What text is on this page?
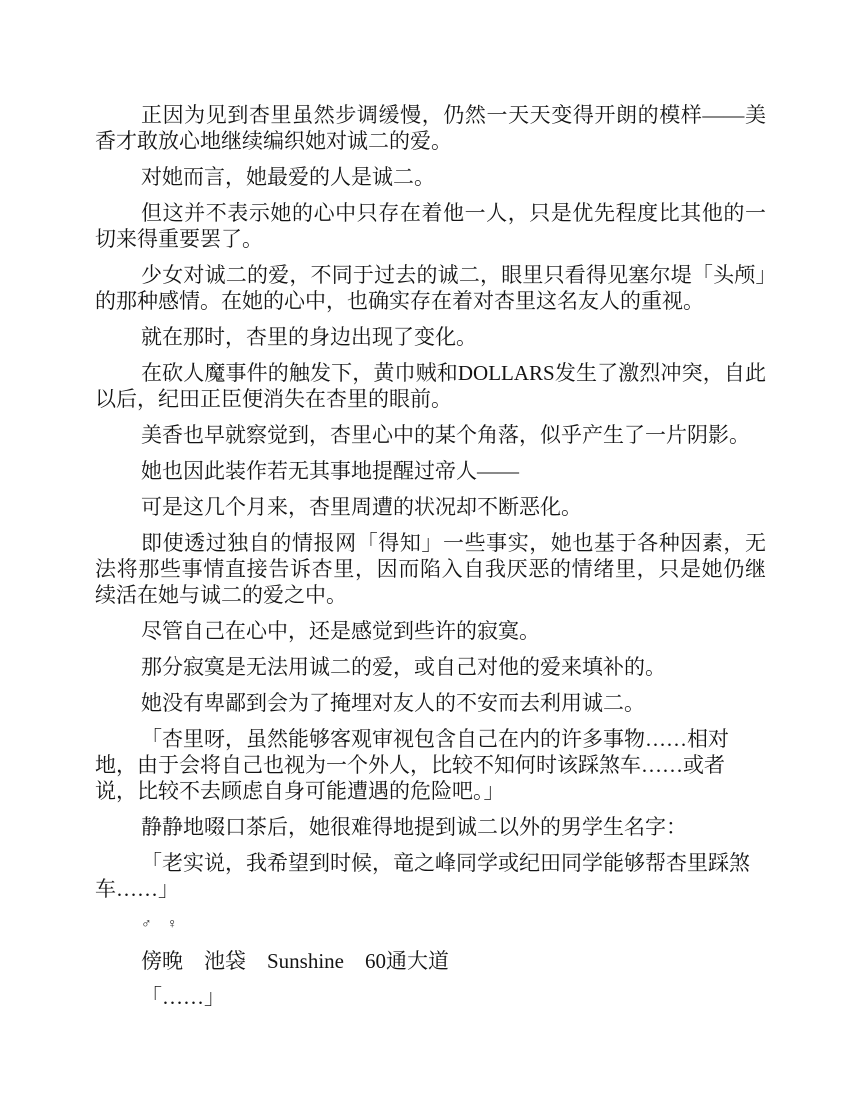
正因为见到杏里虽然步调缓慢，仍然一天天变得开朗的模样——美香才敢放心地继续编织她对诚二的爱。

对她而言，她最爱的人是诚二。

但这并不表示她的心中只存在着他一人，只是优先程度比其他的一切来得重要罢了。

少女对诚二的爱，不同于过去的诚二，眼里只看得见塞尔堤「头颅」的那种感情。在她的心中，也确实存在着对杏里这名友人的重视。

就在那时，杏里的身边出现了变化。

在砍人魔事件的触发下，黄巾贼和DOLLARS发生了激烈冲突，自此以后，纪田正臣便消失在杏里的眼前。

美香也早就察觉到，杏里心中的某个角落，似乎产生了一片阴影。

她也因此装作若无其事地提醒过帝人——

可是这几个月来，杏里周遭的状况却不断恶化。

即使透过独自的情报网「得知」一些事实，她也基于各种因素，无法将那些事情直接告诉杏里，因而陷入自我厌恶的情绪里，只是她仍继续活在她与诚二的爱之中。

尽管自己在心中，还是感觉到些许的寂寞。

那分寂寞是无法用诚二的爱，或自己对他的爱来填补的。

她没有卑鄙到会为了掩埋对友人的不安而去利用诚二。

「杏里呀，虽然能够客观审视包含自己在内的许多事物……相对地，由于会将自己也视为一个外人，比较不知何时该踩煞车……或者说，比较不去顾虑自身可能遭遇的危险吧。」

静静地啜口茶后，她很难得地提到诚二以外的男学生名字：

「老实说，我希望到时候，竜之峰同学或纪田同学能够帮杏里踩煞车……」

♂ ♀

傍晚　池袋　Sunshine　60通大道

「……」
